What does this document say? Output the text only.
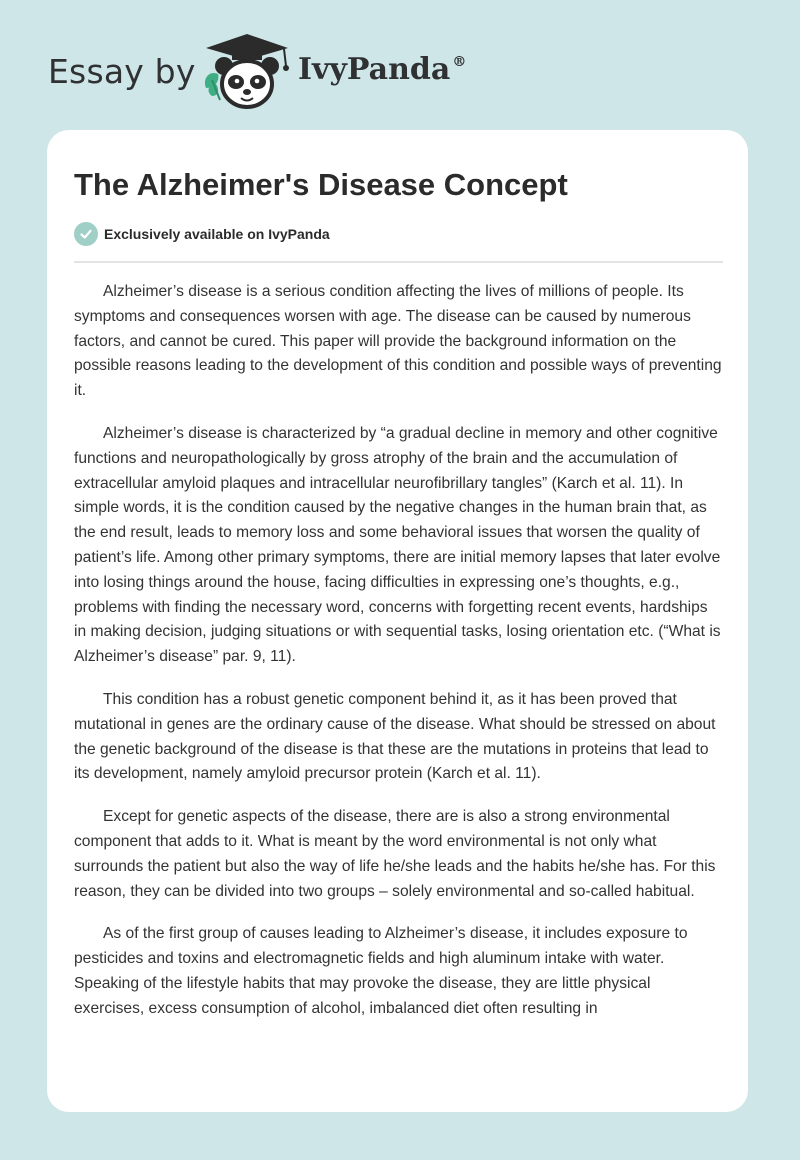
Essay by	IvyPanda ®
The Alzheimer's Disease Concept
Exclusively available on IvyPanda

Alzheimer’s disease is a serious condition affecting the lives of millions of people. Its symptoms and consequences worsen with age. The disease can be caused by numerous factors, and cannot be cured. This paper will provide the background information on the possible reasons leading to the development of this condition and possible ways of preventing it.

Alzheimer’s disease is characterized by “a gradual decline in memory and other cognitive functions and neuropathologically by gross atrophy of the brain and the accumulation of extracellular amyloid plaques and intracellular neurofibrillary tangles” (Karch et al. 11). In simple words, it is the condition caused by the negative changes in the human brain that, as the end result, leads to memory loss and some behavioral issues that worsen the quality of patient’s life. Among other primary symptoms, there are initial memory lapses that later evolve into losing things around the house, facing difficulties in expressing one’s thoughts, e.g., problems with finding the necessary word, concerns with forgetting recent events, hardships in making decision, judging situations or with sequential tasks, losing orientation etc. (“What is Alzheimer’s disease” par. 9, 11).

This condition has a robust genetic component behind it, as it has been proved that mutational in genes are the ordinary cause of the disease. What should be stressed on about the genetic background of the disease is that these are the mutations in proteins that lead to its development, namely amyloid precursor protein (Karch et al. 11).

Except for genetic aspects of the disease, there are is also a strong environmental component that adds to it. What is meant by the word environmental is not only what surrounds the patient but also the way of life he/she leads and the habits he/she has. For this reason, they can be divided into two groups – solely environmental and so-called habitual.

As of the first group of causes leading to Alzheimer’s disease, it includes exposure to pesticides and toxins and electromagnetic fields and high aluminum intake with water. Speaking of the lifestyle habits that may provoke the disease, they are little physical exercises, excess consumption of alcohol, imbalanced diet often resulting in
